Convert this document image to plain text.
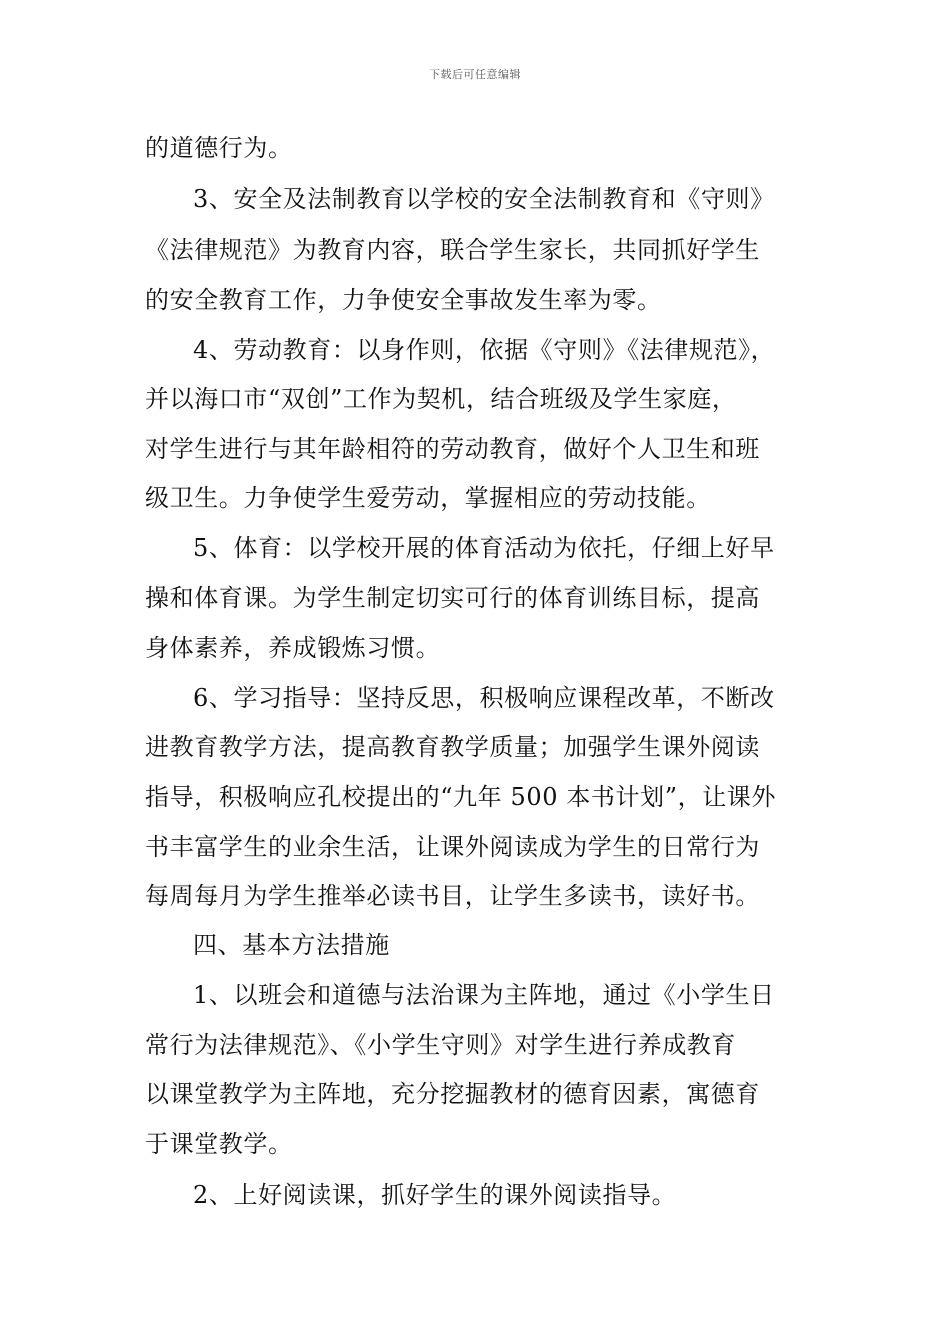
下载后可任意编辑
的道德行为。
3、安全及法制教育以学校的安全法制教育和《守则》
《法律规范》为教育内容，联合学生家长，共同抓好学生
的安全教育工作，力争使安全事故发生率为零。
4、劳动教育：以身作则，依据《守则》《法律规范》，
并以海口市“双创”工作为契机，结合班级及学生家庭，
对学生进行与其年龄相符的劳动教育，做好个人卫生和班
级卫生。力争使学生爱劳动，掌握相应的劳动技能。
5、体育：以学校开展的体育活动为依托，仔细上好早
操和体育课。为学生制定切实可行的体育训练目标，提高
身体素养，养成锻炼习惯。
6、学习指导：坚持反思，积极响应课程改革，不断改
进教育教学方法，提高教育教学质量；加强学生课外阅读
指导，积极响应孔校提出的“九年 500 本书计划”，让课外
书丰富学生的业余生活，让课外阅读成为学生的日常行为
每周每月为学生推举必读书目，让学生多读书，读好书。
四、基本方法措施
1、以班会和道德与法治课为主阵地，通过《小学生日
常行为法律规范》、《小学生守则》对学生进行养成教育
以课堂教学为主阵地，充分挖掘教材的德育因素，寓德育
于课堂教学。
2、上好阅读课，抓好学生的课外阅读指导。
